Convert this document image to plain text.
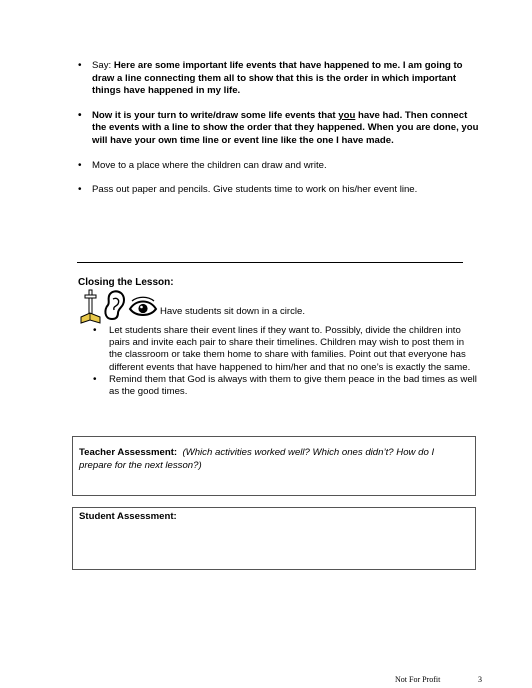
• Say: Here are some important life events that have happened to me. I am going to draw a line connecting them all to show that this is the order in which important things have happened in my life.
• Now it is your turn to write/draw some life events that you have had. Then connect the events with a line to show the order that they happened. When you are done, you will have your own time line or event line like the one I have made.
• Move to a place where the children can draw and write.
• Pass out paper and pencils. Give students time to work on his/her event line.
Closing the Lesson:
Have students sit down in a circle.
• Let students share their event lines if they want to. Possibly, divide the children into pairs and invite each pair to share their timelines. Children may wish to post them in the classroom or take them home to share with families. Point out that everyone has different events that have happened to him/her and that no one’s is exactly the same.
• Remind them that God is always with them to give them peace in the bad times as well as the good times.
Teacher Assessment: (Which activities worked well? Which ones didn’t? How do I prepare for the next lesson?)
Student Assessment:
Not For Profit	3
